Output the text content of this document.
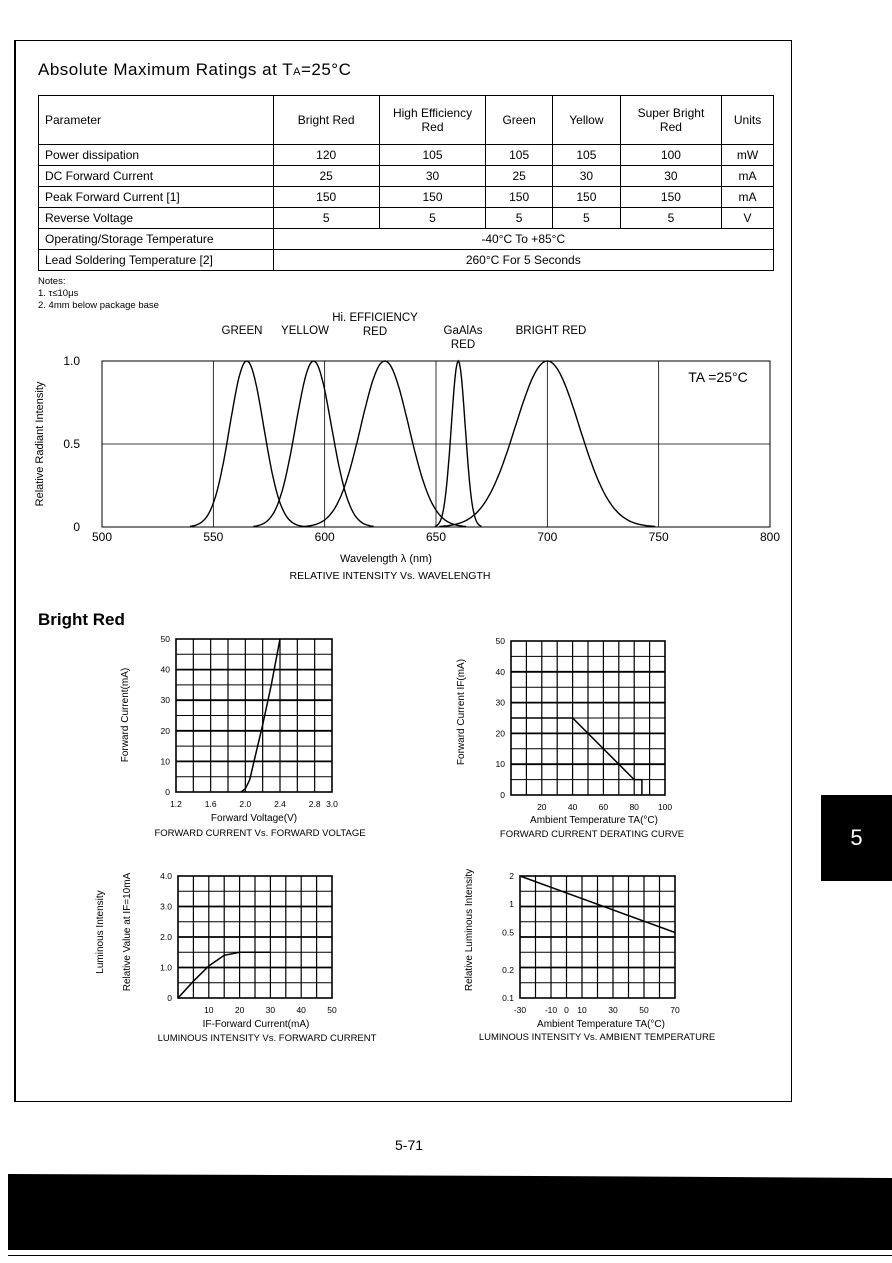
Absolute Maximum Ratings at TA=25°C
Parameter	Bright Red	High Efficiency Red	Green	Yellow	Super Bright Red	Units
Power dissipation	120	105	105	105	100	mW
DC Forward Current	25	30	25	30	30	mA
Peak Forward Current [1]	150	150	150	150	150	mA
Reverse Voltage	5	5	5	5	5	V
Operating/Storage Temperature	-40°C To +85°C					
Lead Soldering Temperature [2]	260°C For 5 Seconds					
Notes:
1. τ≤10μs
2. 4mm below package base
500	550	600	650	700	750	800
0
0.5
1.0
Relative Radiant Intensity
Wavelength λ (nm)
RELATIVE INTENSITY Vs. WAVELENGTH
TA =25°C
GREEN YELLOW
Hi. EFFICIENCY
RED	GaAlAs
RED
BRIGHT RED
1.2	1.6	2.0	2.4	2.8 3.0
0
10
20
30
40
50
Forward Voltage(V)
FORWARD CURRENT Vs. FORWARD VOLTAGE
Forward Current(mA)
20	40	60	80 100
0
10
20
30
40
50
Ambient Temperature TA(°C)
FORWARD CURRENT DERATING CURVE
Forward Current IF(mA)
10	20	30	40	50
0
1.0
2.0
3.0
4.0
IF-Forward Current(mA)
LUMINOUS INTENSITY Vs. FORWARD CURRENT
Luminous Intensity Relative Value at IF=10mA
-30 -10 0 10	30	50	70
0.1
0.2
0.5
1
2
Ambient Temperature TA(°C)
LUMINOUS INTENSITY Vs. AMBIENT TEMPERATURE
Relative Luminous Intensity
Bright Red
5-71
5
